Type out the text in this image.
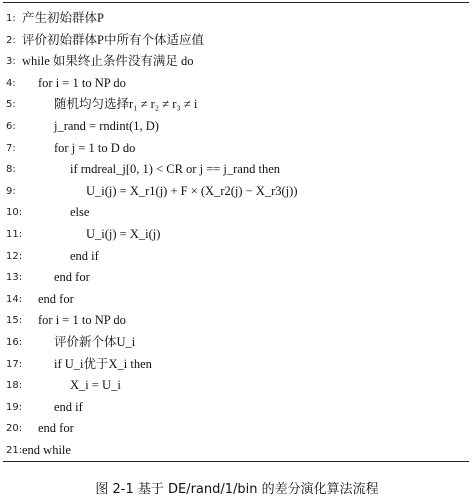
1: 产生初始群体P
2: 评价初始群体P中所有个体适应值
3: while 如果终止条件没有满足 do
4: for i = 1 to NP do
5:	随机均匀选择r₁ ≠ r₂ ≠ r₃ ≠ i
6:	j_rand = rndint(1, D)
7:	for j = 1 to D do
8:	if rndreal_j[0, 1) < CR or j == j_rand then
9:	U_i(j) = X_r1(j) + F × (X_r2(j) − X_r3(j))
10:	else
11:	U_i(j) = X_i(j)
12:	end if
13:	end for
14: end for
15: for i = 1 to NP do
16:	评价新个体U_i
17:	if U_i优于X_i then
18:	X_i = U_i
19:	end if
20: end for
21: end while
图 2-1 基于 DE/rand/1/bin 的差分演化算法流程
